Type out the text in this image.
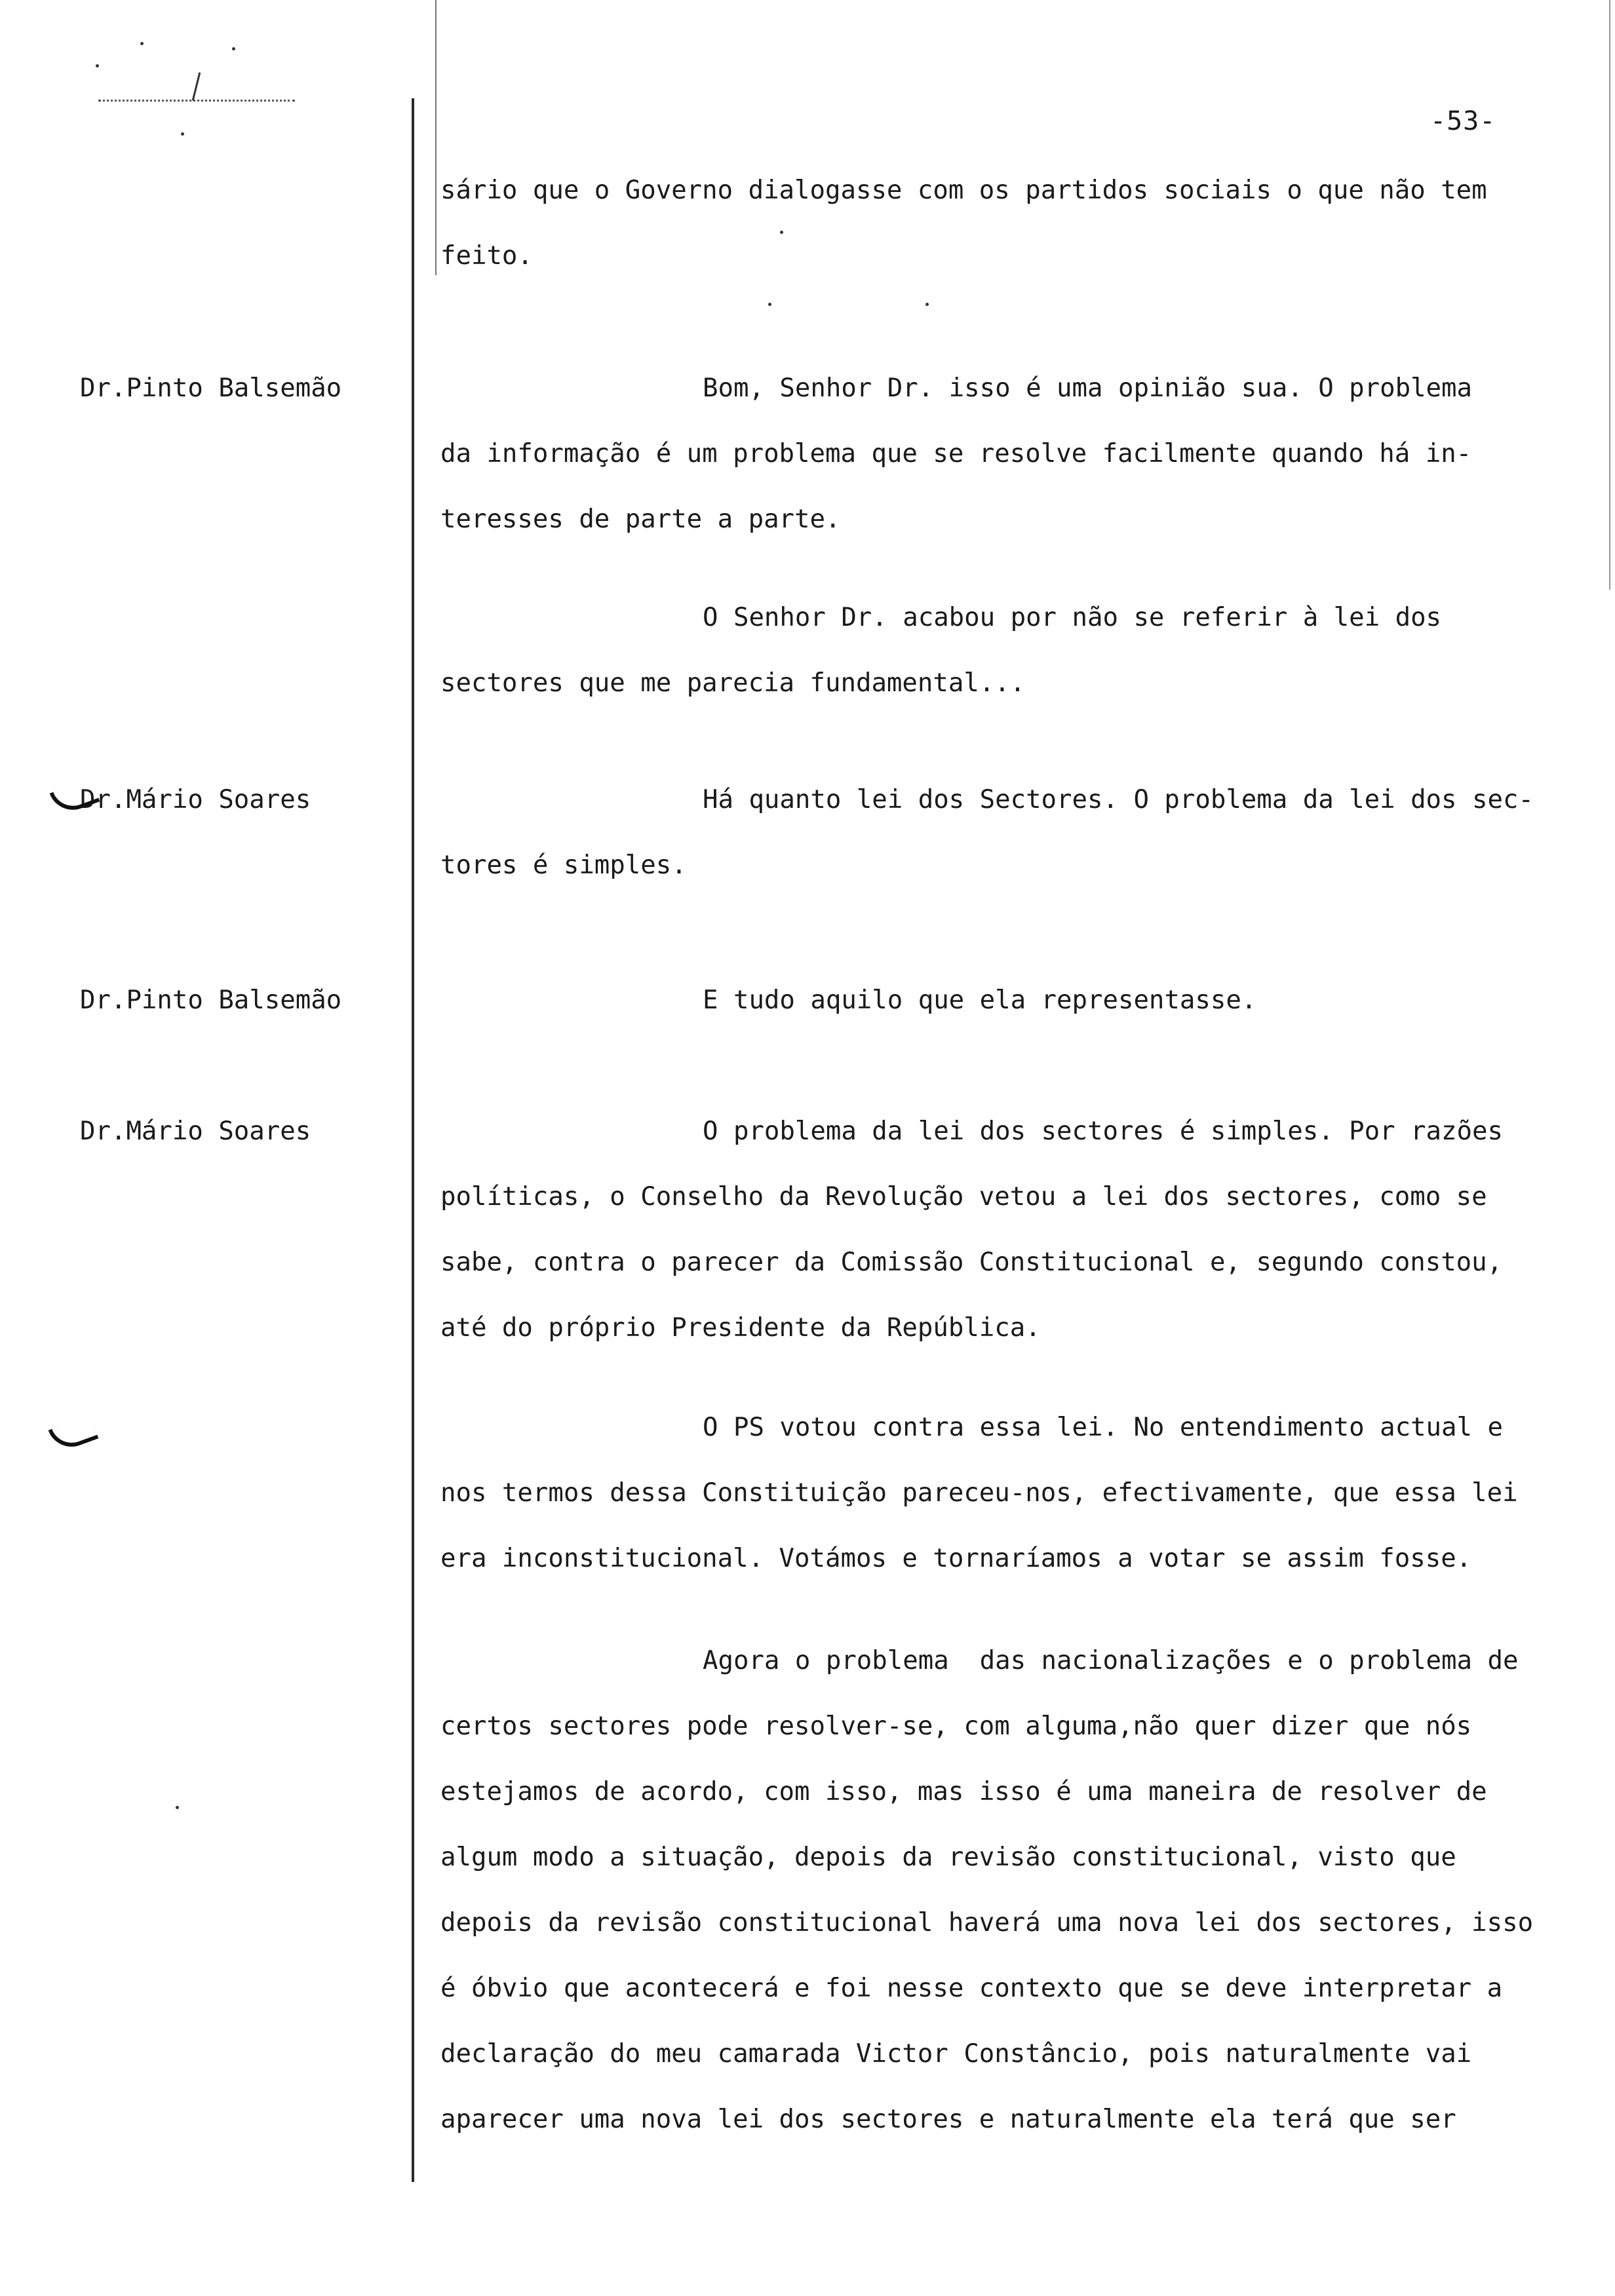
-53-
Dr.Pinto Balsemão
Dr.Mário Soares
Dr.Pinto Balsemão
Dr.Mário Soares
sário que o Governo dialogasse com os partidos sociais o que não tem
feito.
Bom, Senhor Dr. isso é uma opinião sua. O problema
da informação é um problema que se resolve facilmente quando há in-
teresses de parte a parte.
O Senhor Dr. acabou por não se referir à lei dos
sectores que me parecia fundamental...
Há quanto lei dos Sectores. O problema da lei dos sec-
tores é simples.
E tudo aquilo que ela representasse.
O problema da lei dos sectores é simples. Por razões
políticas, o Conselho da Revolução vetou a lei dos sectores, como se
sabe, contra o parecer da Comissão Constitucional e, segundo constou,
até do próprio Presidente da República.
O PS votou contra essa lei. No entendimento actual e
nos termos dessa Constituição pareceu-nos, efectivamente, que essa lei
era inconstitucional. Votámos e tornaríamos a votar se assim fosse.
Agora o problema  das nacionalizações e o problema de
certos sectores pode resolver-se, com alguma,não quer dizer que nós
estejamos de acordo, com isso, mas isso é uma maneira de resolver de
algum modo a situação, depois da revisão constitucional, visto que
depois da revisão constitucional haverá uma nova lei dos sectores, isso
é óbvio que acontecerá e foi nesse contexto que se deve interpretar a
declaração do meu camarada Victor Constâncio, pois naturalmente vai
aparecer uma nova lei dos sectores e naturalmente ela terá que ser
